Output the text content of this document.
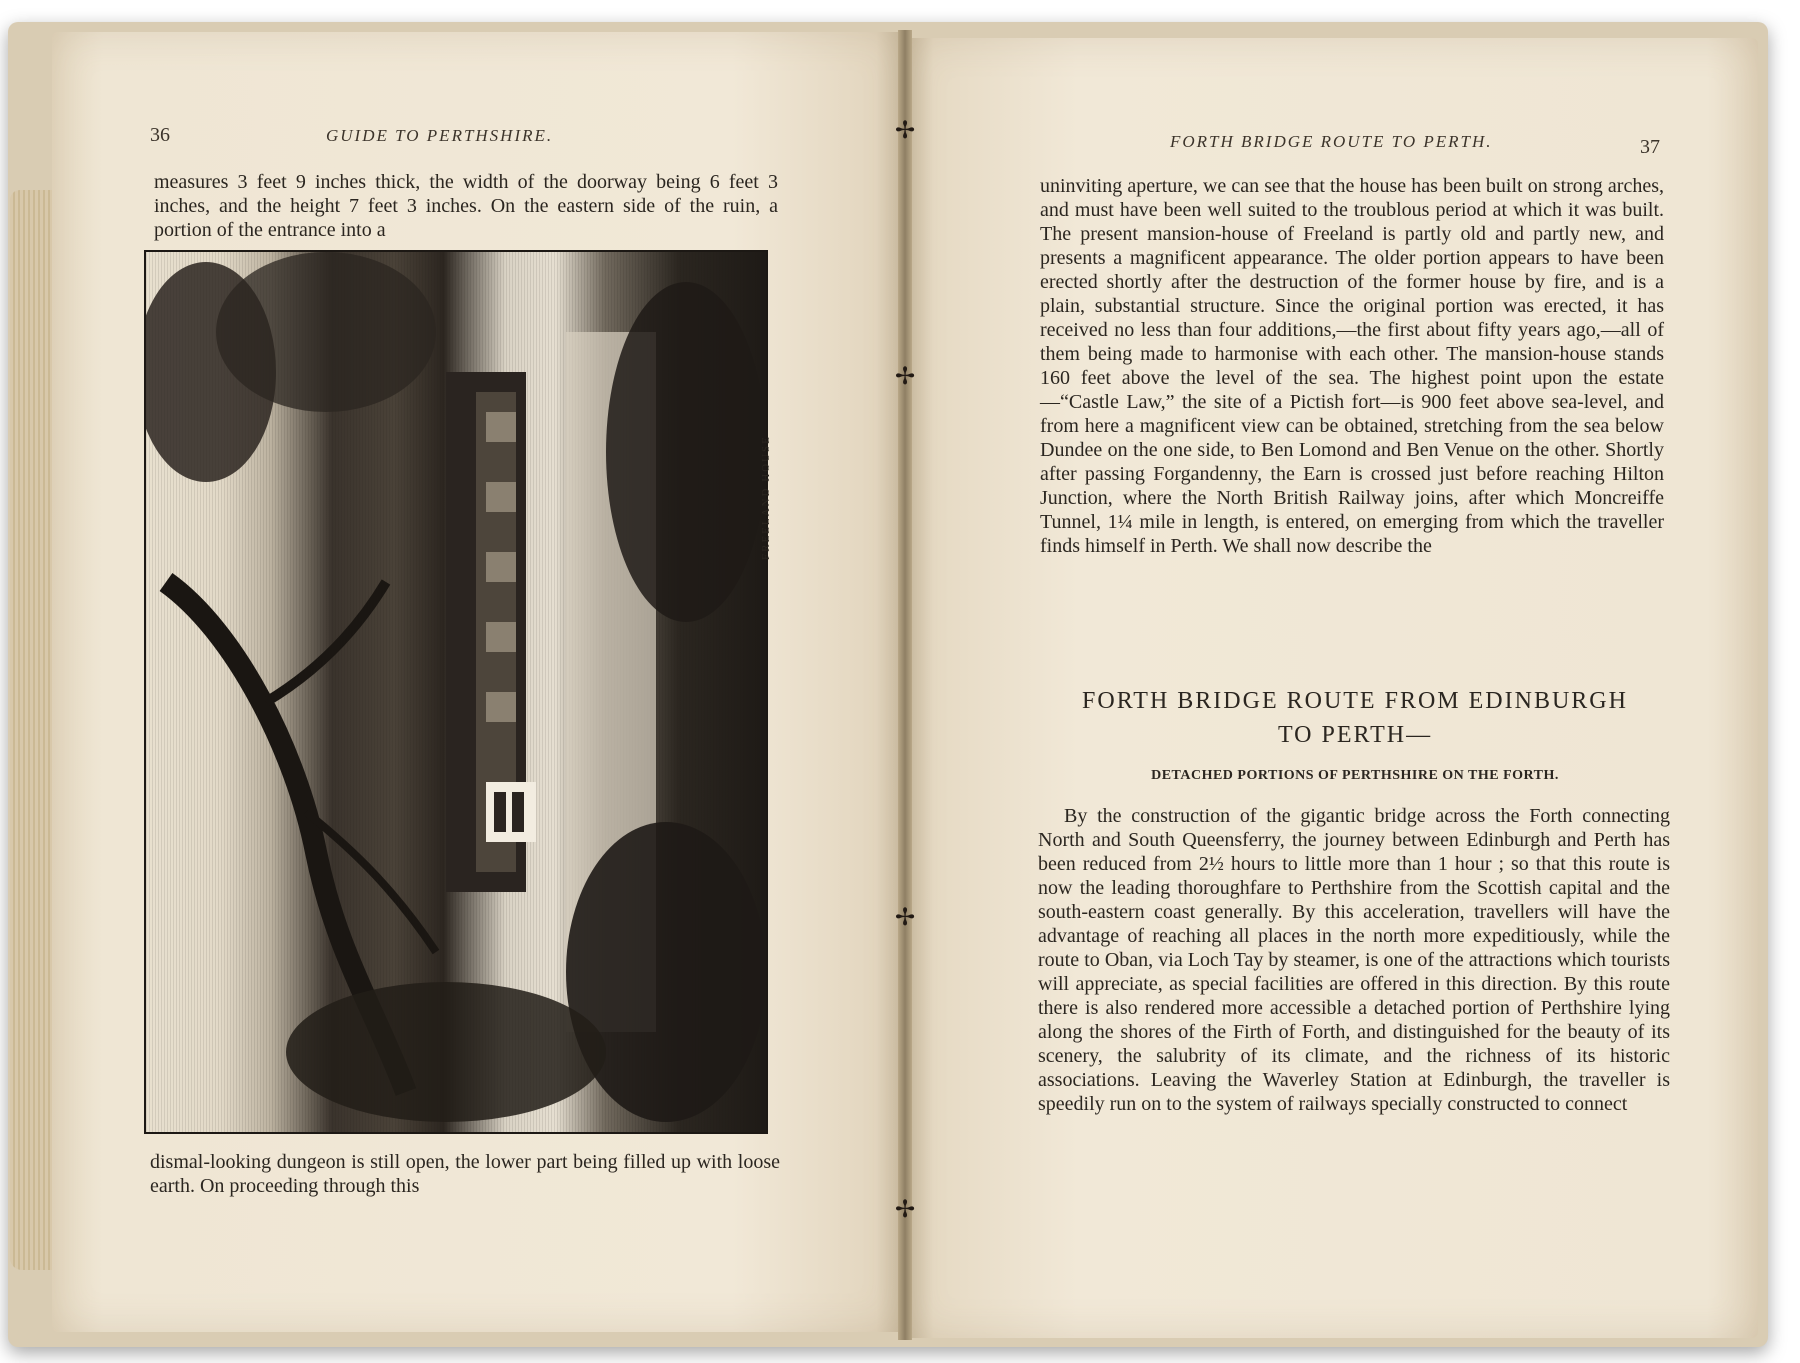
✢
✢
✢
✢
36	GUIDE TO PERTHSHIRE.
measures 3 feet 9 inches thick, the width of the doorway being 6 feet 3 inches, and the height 7 feet 3 inches. On the eastern side of the ruin, a portion of the entrance into a
FREELAND
dismal-looking dungeon is still open, the lower part being filled up with loose earth. On proceeding through this
FORTH BRIDGE ROUTE TO PERTH.	37
uninviting aperture, we can see that the house has been built on strong arches, and must have been well suited to the troublous period at which it was built. The present mansion-house of Freeland is partly old and partly new, and presents a magnificent appearance. The older portion appears to have been erected shortly after the destruction of the former house by fire, and is a plain, substantial structure. Since the original portion was erected, it has received no less than four additions,—the first about fifty years ago,—all of them being made to harmonise with each other. The mansion-house stands 160 feet above the level of the sea. The highest point upon the estate—“Castle Law,” the site of a Pictish fort—is 900 feet above sea-level, and from here a magnificent view can be obtained, stretching from the sea below Dundee on the one side, to Ben Lomond and Ben Venue on the other. Shortly after passing Forgandenny, the Earn is crossed just before reaching Hilton Junction, where the North British Railway joins, after which Moncreiffe Tunnel, 1¼ mile in length, is entered, on emerging from which the traveller finds himself in Perth. We shall now describe the
FORTH BRIDGE ROUTE FROM EDINBURGH
TO PERTH—
DETACHED PORTIONS OF PERTHSHIRE ON THE FORTH.
By the construction of the gigantic bridge across the Forth connecting North and South Queensferry, the journey between Edinburgh and Perth has been reduced from 2½ hours to little more than 1 hour ; so that this route is now the leading thoroughfare to Perthshire from the Scottish capital and the south-eastern coast generally. By this acceleration, travellers will have the advantage of reaching all places in the north more expeditiously, while the route to Oban, via Loch Tay by steamer, is one of the attractions which tourists will appreciate, as special facilities are offered in this direction. By this route there is also rendered more accessible a detached portion of Perthshire lying along the shores of the Firth of Forth, and distinguished for the beauty of its scenery, the salubrity of its climate, and the richness of its historic associations. Leaving the Waverley Station at Edinburgh, the traveller is speedily run on to the system of railways specially constructed to connect
